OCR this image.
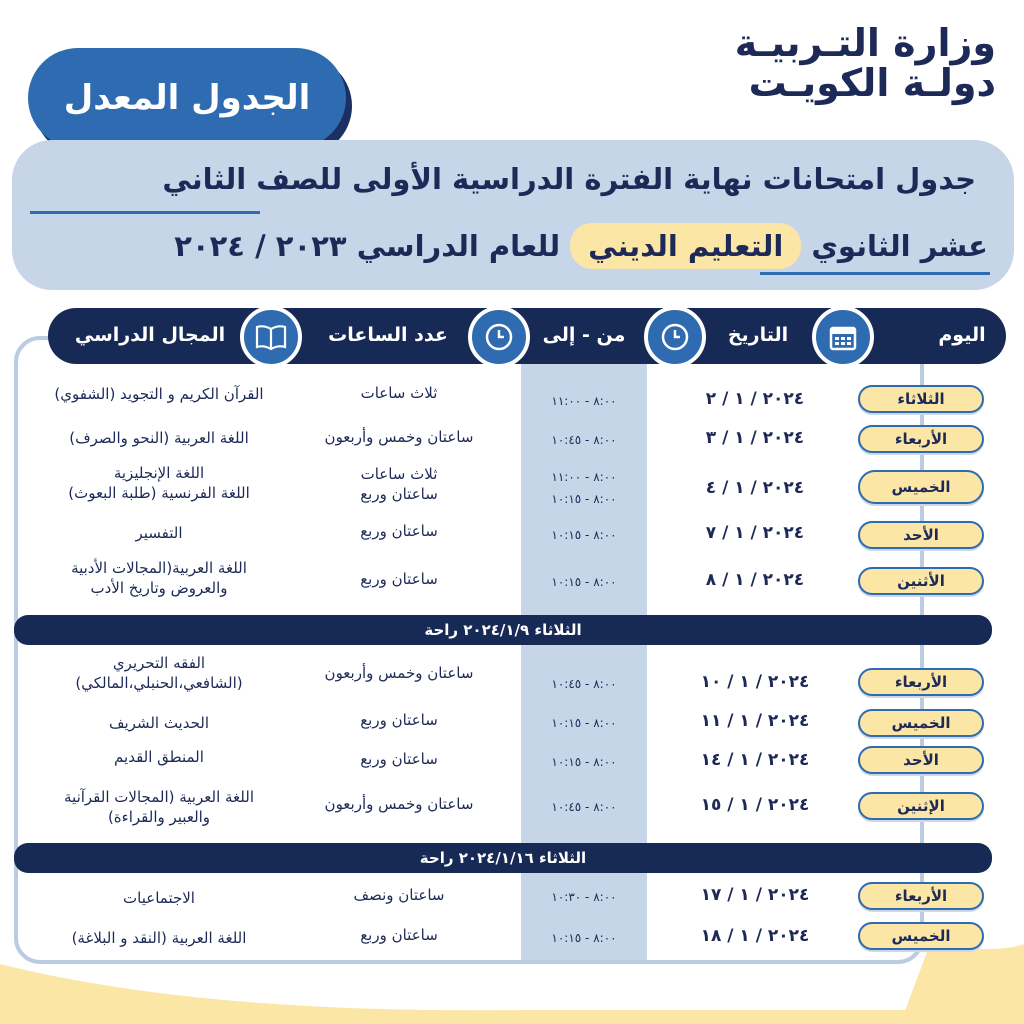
وزارة التـربيـة
دولـة الكويـت
الجدول المعدل
جدول امتحانات نهاية الفترة الدراسية الأولى للصف الثاني
عشر الثانوي
التعليم الديني
للعام الدراسي ٢٠٢٣ / ٢٠٢٤
اليوم
التاريخ
من - إلى
عدد الساعات
المجال الدراسي
الثلاثاء
٢٠٢٤ / ١ / ٢
٨:٠٠ - ١١:٠٠
ثلاث ساعات
القرآن الكريم و التجويد (الشفوي)
الأربعاء
٢٠٢٤ / ١ / ٣
٨:٠٠ - ١٠:٤٥
ساعتان وخمس وأربعون
اللغة العربية (النحو والصرف)
الخميس
٢٠٢٤ / ١ / ٤
٨:٠٠ - ١١:٠٠
٨:٠٠ - ١٠:١٥
ثلاث ساعات
ساعتان وربع
اللغة الإنجليزية
اللغة الفرنسية (طلبة البعوث)
الأحد
٢٠٢٤ / ١ / ٧
٨:٠٠ - ١٠:١٥
ساعتان وربع
التفسير
الأثنين
٢٠٢٤ / ١ / ٨
٨:٠٠ - ١٠:١٥
ساعتان وربع
اللغة العربية(المجالات الأدبية
والعروض وتاريخ الأدب
الثلاثاء ٢٠٢٤/١/٩ راحة
الأربعاء
٢٠٢٤ / ١ / ١٠
٨:٠٠ - ١٠:٤٥
ساعتان وخمس وأربعون
الفقه التحريري
(الشافعي،الحنبلي،المالكي)
الخميس
٢٠٢٤ / ١ / ١١
٨:٠٠ - ١٠:١٥
ساعتان وربع
الحديث الشريف
الأحد
٢٠٢٤ / ١ / ١٤
٨:٠٠ - ١٠:١٥
ساعتان وربع
المنطق القديم
الإثنين
٢٠٢٤ / ١ / ١٥
٨:٠٠ - ١٠:٤٥
ساعتان وخمس وأربعون
اللغة العربية (المجالات القرآنية
والعبير والقراءة)
الثلاثاء ٢٠٢٤/١/١٦ راحة
الأربعاء
٢٠٢٤ / ١ / ١٧
٨:٠٠ - ١٠:٣٠
ساعتان ونصف
الاجتماعيات
الخميس
٢٠٢٤ / ١ / ١٨
٨:٠٠ - ١٠:١٥
ساعتان وربع
اللغة العربية (النقد و البلاغة)
